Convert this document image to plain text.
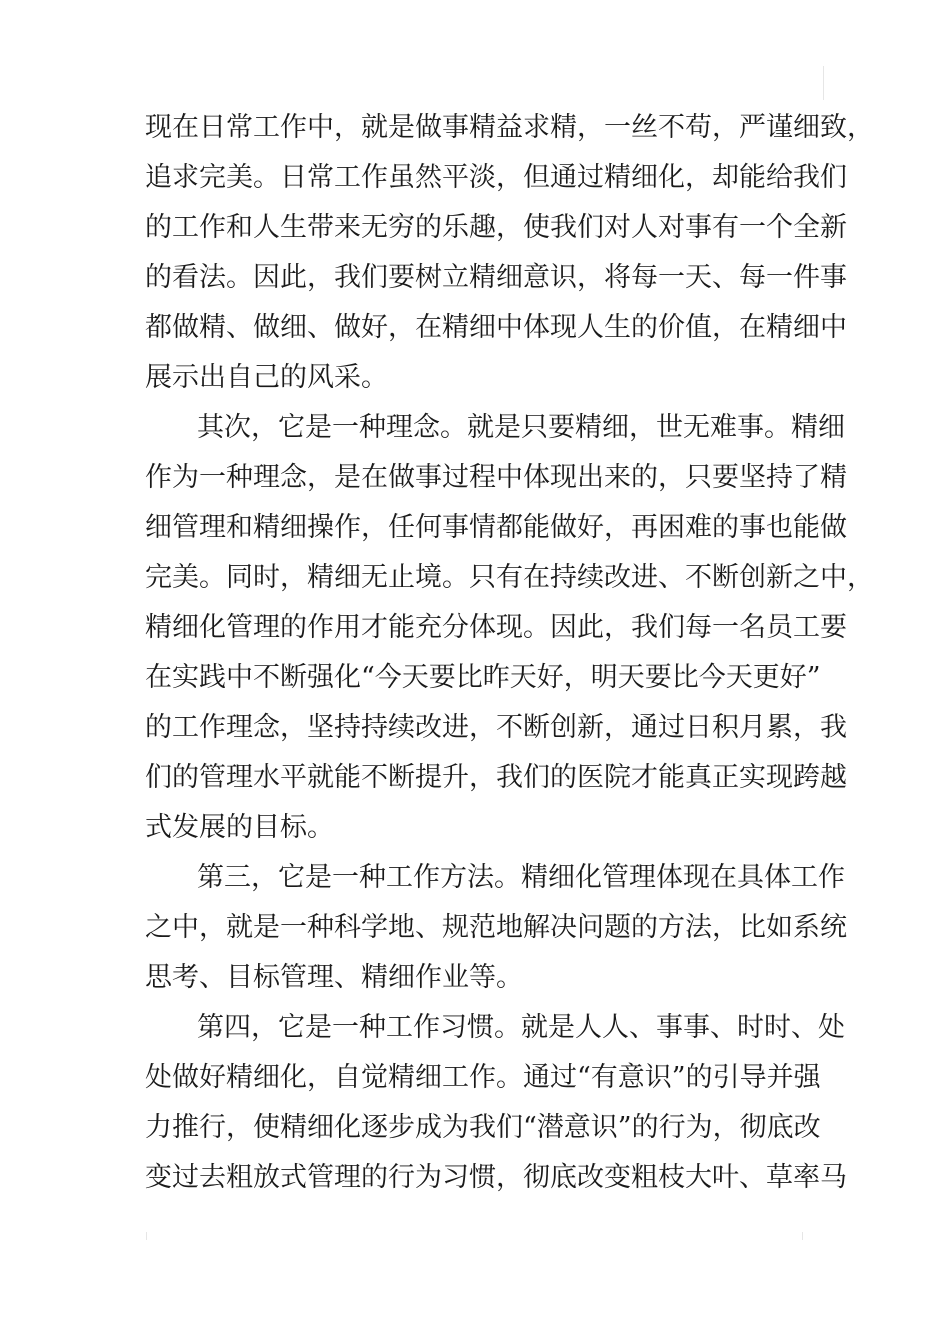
现在日常工作中，就是做事精益求精，一丝不苟，严谨细致，
追求完美。日常工作虽然平淡，但通过精细化，却能给我们
的工作和人生带来无穷的乐趣，使我们对人对事有一个全新
的看法。因此，我们要树立精细意识，将每一天、每一件事
都做精、做细、做好，在精细中体现人生的价值，在精细中
展示出自己的风采。
其次，它是一种理念。就是只要精细，世无难事。精细
作为一种理念，是在做事过程中体现出来的，只要坚持了精
细管理和精细操作，任何事情都能做好，再困难的事也能做
完美。同时，精细无止境。只有在持续改进、不断创新之中，
精细化管理的作用才能充分体现。因此，我们每一名员工要
在实践中不断强化“今天要比昨天好，明天要比今天更好”
的工作理念，坚持持续改进，不断创新，通过日积月累，我
们的管理水平就能不断提升，我们的医院才能真正实现跨越
式发展的目标。
第三，它是一种工作方法。精细化管理体现在具体工作
之中，就是一种科学地、规范地解决问题的方法，比如系统
思考、目标管理、精细作业等。
第四，它是一种工作习惯。就是人人、事事、时时、处
处做好精细化，自觉精细工作。通过“有意识”的引导并强
力推行，使精细化逐步成为我们“潜意识”的行为，彻底改
变过去粗放式管理的行为习惯，彻底改变粗枝大叶、草率马
